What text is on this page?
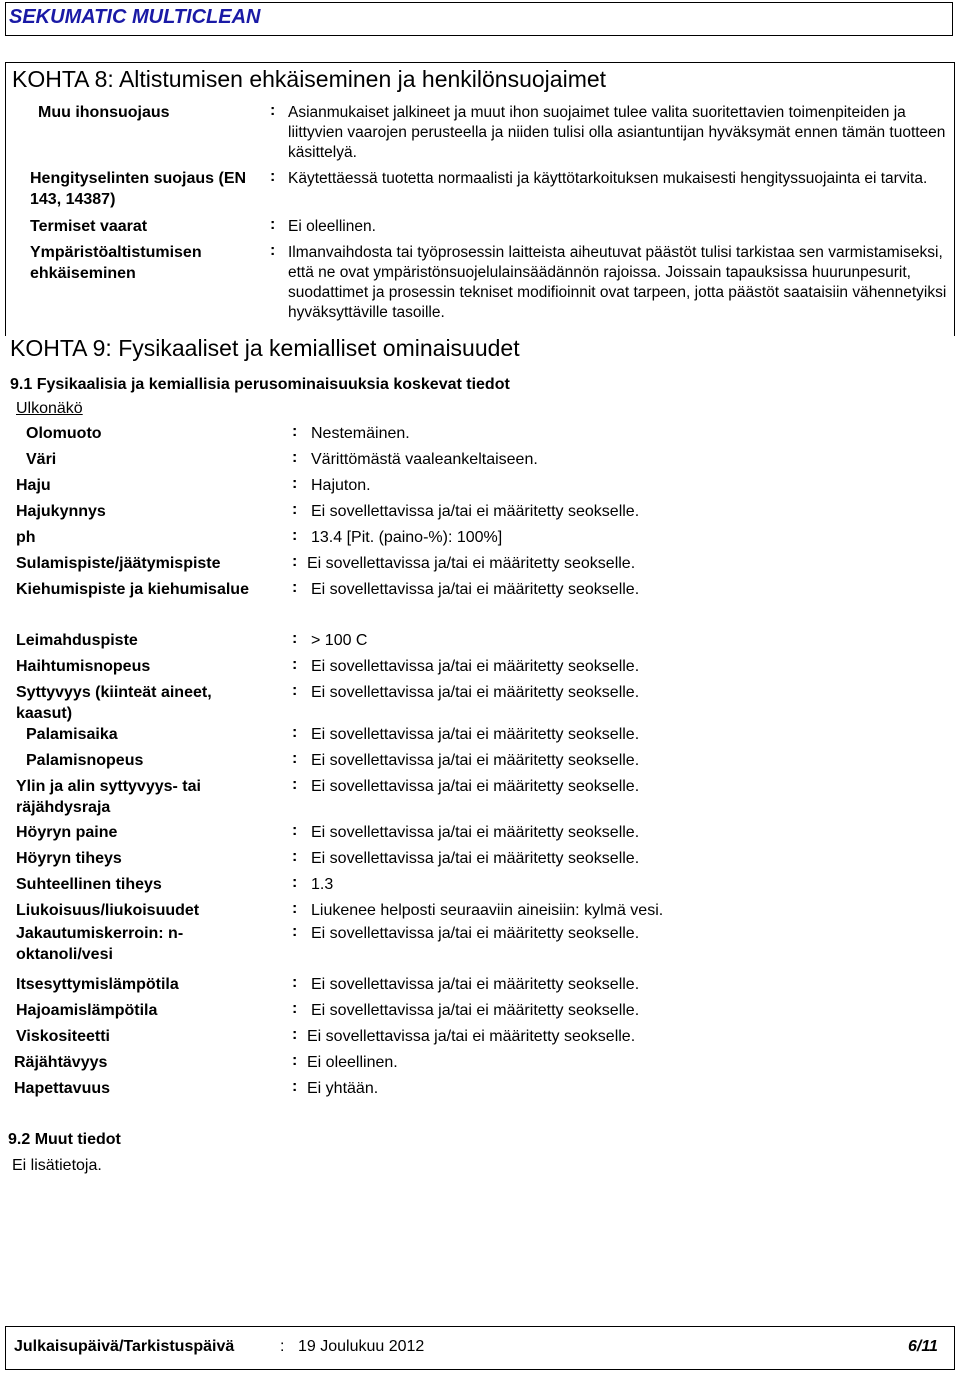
SEKUMATIC MULTICLEAN
KOHTA 8: Altistumisen ehkäiseminen ja henkilönsuojaimet
Muu ihonsuojaus	: Asianmukaiset jalkineet ja muut ihon suojaimet tulee valita suoritettavien toimenpiteiden ja liittyvien vaarojen perusteella ja niiden tulisi olla asiantuntijan hyväksymät ennen tämän tuotteen käsittelyä.
Hengityselinten suojaus (EN 143, 14387)
: Käytettäessä tuotetta normaalisti ja käyttötarkoituksen mukaisesti hengityssuojainta ei tarvita.
Termiset vaarat	: Ei oleellinen.
Ympäristöaltistumisen ehkäiseminen
: Ilmanvaihdosta tai työprosessin laitteista aiheutuvat päästöt tulisi tarkistaa sen varmistamiseksi, että ne ovat ympäristönsuojelulainsäädännön rajoissa. Joissain tapauksissa huurunpesurit, suodattimet ja prosessin tekniset modifioinnit ovat tarpeen, jotta päästöt saataisiin vähennetyiksi hyväksyttäville tasoille.
KOHTA 9: Fysikaaliset ja kemialliset ominaisuudet
9.1 Fysikaalisia ja kemiallisia perusominaisuuksia koskevat tiedot
Ulkonäkö
Olomuoto	: Nestemäinen.
Väri	: Värittömästä vaaleankeltaiseen.
Haju	: Hajuton.
Hajukynnys	: Ei sovellettavissa ja/tai ei määritetty seokselle.
ph	: 13.4 [Pit. (paino-%): 100%]
Sulamispiste/jäätymispiste	: Ei sovellettavissa ja/tai ei määritetty seokselle.
Kiehumispiste ja kiehumisalue	: Ei sovellettavissa ja/tai ei määritetty seokselle.
Leimahduspiste	: > 100 C
Haihtumisnopeus	: Ei sovellettavissa ja/tai ei määritetty seokselle.
Syttyvyys (kiinteät aineet, kaasut)
: Ei sovellettavissa ja/tai ei määritetty seokselle.
Palamisaika	: Ei sovellettavissa ja/tai ei määritetty seokselle.
Palamisnopeus	: Ei sovellettavissa ja/tai ei määritetty seokselle.
Ylin ja alin syttyvyys- tai räjähdysraja
: Ei sovellettavissa ja/tai ei määritetty seokselle.
Höyryn paine	: Ei sovellettavissa ja/tai ei määritetty seokselle.
Höyryn tiheys	: Ei sovellettavissa ja/tai ei määritetty seokselle.
Suhteellinen tiheys	: 1.3
Liukoisuus/liukoisuudet	: Liukenee helposti seuraaviin aineisiin: kylmä vesi.
Jakautumiskerroin: n-oktanoli/vesi
: Ei sovellettavissa ja/tai ei määritetty seokselle.
Itsesyttymislämpötila	: Ei sovellettavissa ja/tai ei määritetty seokselle.
Hajoamislämpötila	: Ei sovellettavissa ja/tai ei määritetty seokselle.
Viskositeetti	: Ei sovellettavissa ja/tai ei määritetty seokselle.
Räjähtävyys	: Ei oleellinen.
Hapettavuus	: Ei yhtään.
9.2 Muut tiedot
Ei lisätietoja.
Julkaisupäivä/Tarkistuspäivä	: 19 Joulukuu 2012	6/11
